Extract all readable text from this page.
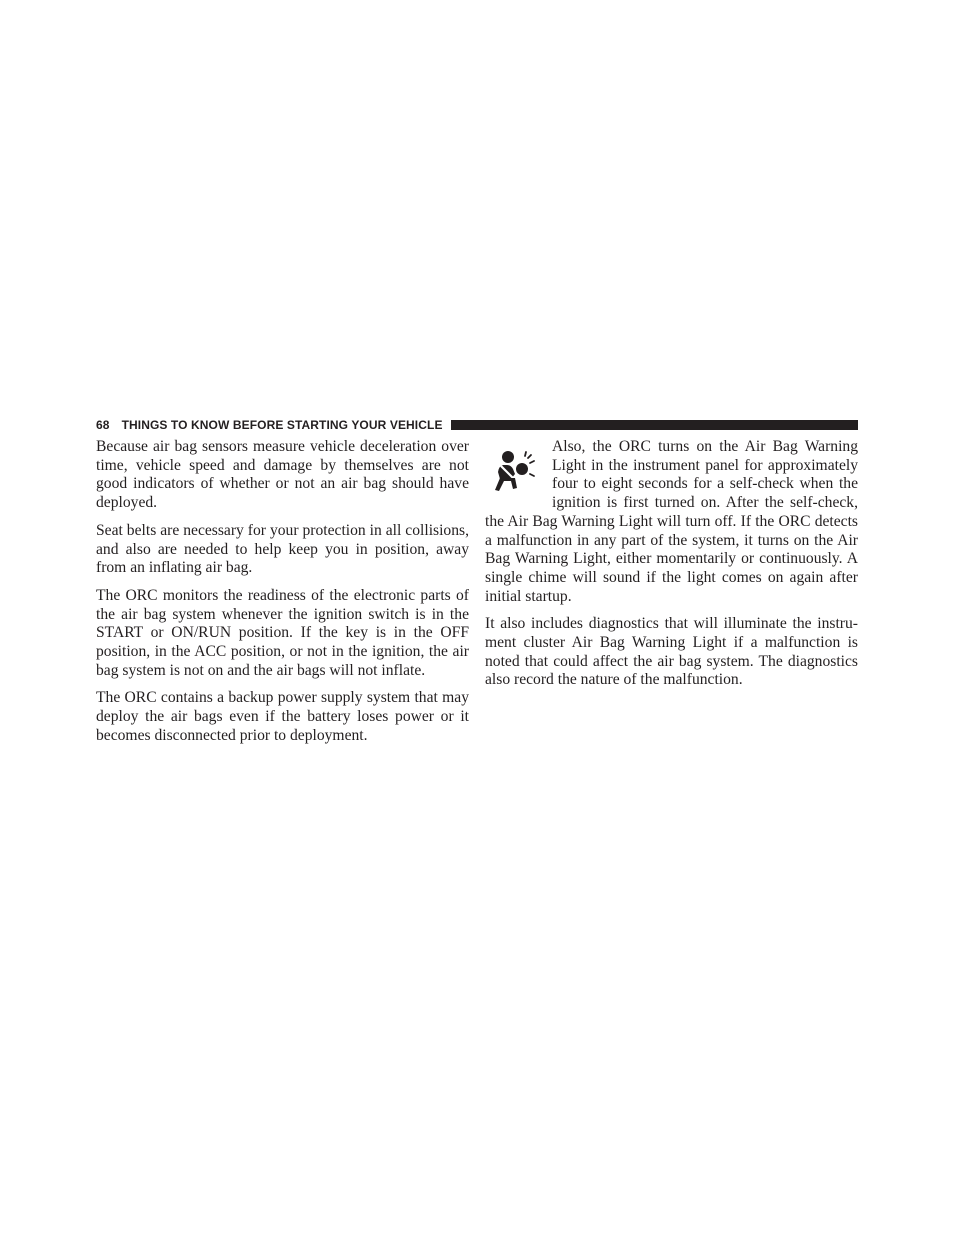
68 THINGS TO KNOW BEFORE STARTING YOUR VEHICLE

Because air bag sensors measure vehicle deceleration over time, vehicle speed and damage by themselves are not good indicators of whether or not an air bag should have deployed.

Seat belts are necessary for your protection in all collisions, and also are needed to help keep you in position, away from an inflating air bag.

The ORC monitors the readiness of the electronic parts of the air bag system whenever the ignition switch is in the START or ON/RUN position. If the key is in the OFF position, in the ACC position, or not in the ignition, the air bag system is not on and the air bags will not inflate.

The ORC contains a backup power supply system that may deploy the air bags even if the battery loses power or it becomes disconnected prior to deployment.

Also, the ORC turns on the Air Bag Warning Light in the instrument panel for approximately four to eight seconds for a self-check when the ignition is first turned on. After the self-check, the Air Bag Warning Light will turn off. If the ORC detects a malfunction in any part of the system, it turns on the Air Bag Warning Light, either momentarily or continuously. A single chime will sound if the light comes on again after initial startup.

It also includes diagnostics that will illuminate the instrument cluster Air Bag Warning Light if a malfunction is noted that could affect the air bag system. The diagnostics also record the nature of the malfunction.
